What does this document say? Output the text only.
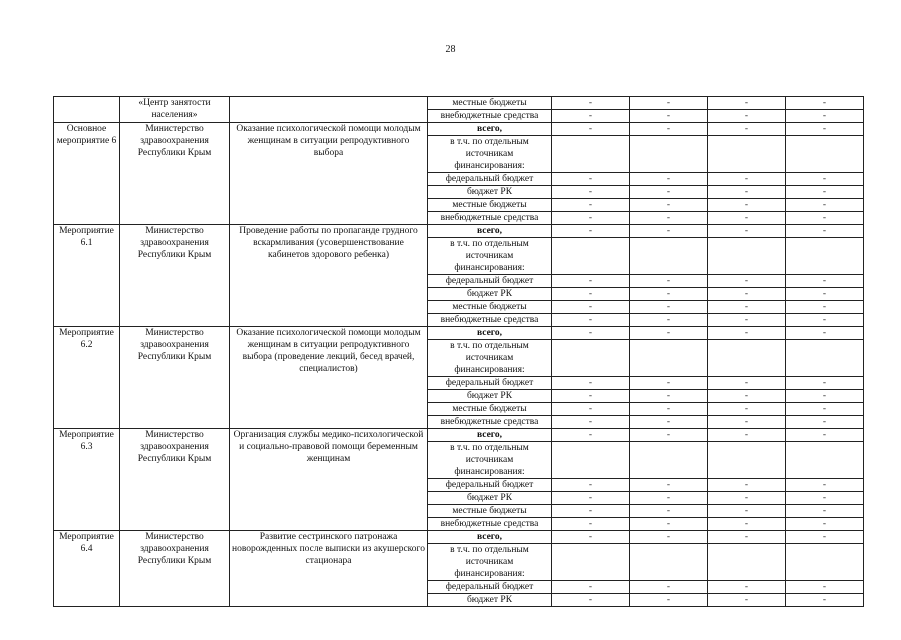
28
	«Центр занятости населения»		местные бюджеты	-	-	-	-
			внебюджетные средства	-	-	-	-
Основное мероприятие 6	Министерство здравоохранения Республики Крым	Оказание психологической помощи молодым женщинам в ситуации репродуктивного выбора	всего,	-	-	-	-
			в т.ч. по отдельным источникам финансирования:				
			федеральный бюджет	-	-	-	-
			бюджет РК	-	-	-	-
			местные бюджеты	-	-	-	-
			внебюджетные средства	-	-	-	-
Мероприятие 6.1	Министерство здравоохранения Республики Крым	Проведение работы по пропаганде грудного вскармливания (усовершенствование кабинетов здорового ребенка)	всего,	-	-	-	-
			в т.ч. по отдельным источникам финансирования:				
			федеральный бюджет	-	-	-	-
			бюджет РК	-	-	-	-
			местные бюджеты	-	-	-	-
			внебюджетные средства	-	-	-	-
Мероприятие 6.2	Министерство здравоохранения Республики Крым	Оказание психологической помощи молодым женщинам в ситуации репродуктивного выбора (проведение лекций, бесед врачей, специалистов)	всего,	-	-	-	-
			в т.ч. по отдельным источникам финансирования:				
			федеральный бюджет	-	-	-	-
			бюджет РК	-	-	-	-
			местные бюджеты	-	-	-	-
			внебюджетные средства	-	-	-	-
Мероприятие 6.3	Министерство здравоохранения Республики Крым	Организация службы медико-психологической и социально-правовой помощи беременным женщинам	всего,	-	-	-	-
			в т.ч. по отдельным источникам финансирования:				
			федеральный бюджет	-	-	-	-
			бюджет РК	-	-	-	-
			местные бюджеты	-	-	-	-
			внебюджетные средства	-	-	-	-
Мероприятие 6.4	Министерство здравоохранения Республики Крым	Развитие сестринского патронажа новорожденных после выписки из акушерского стационара	всего,	-	-	-	-
			в т.ч. по отдельным источникам финансирования:				
			федеральный бюджет	-	-	-	-
			бюджет РК	-	-	-	-
